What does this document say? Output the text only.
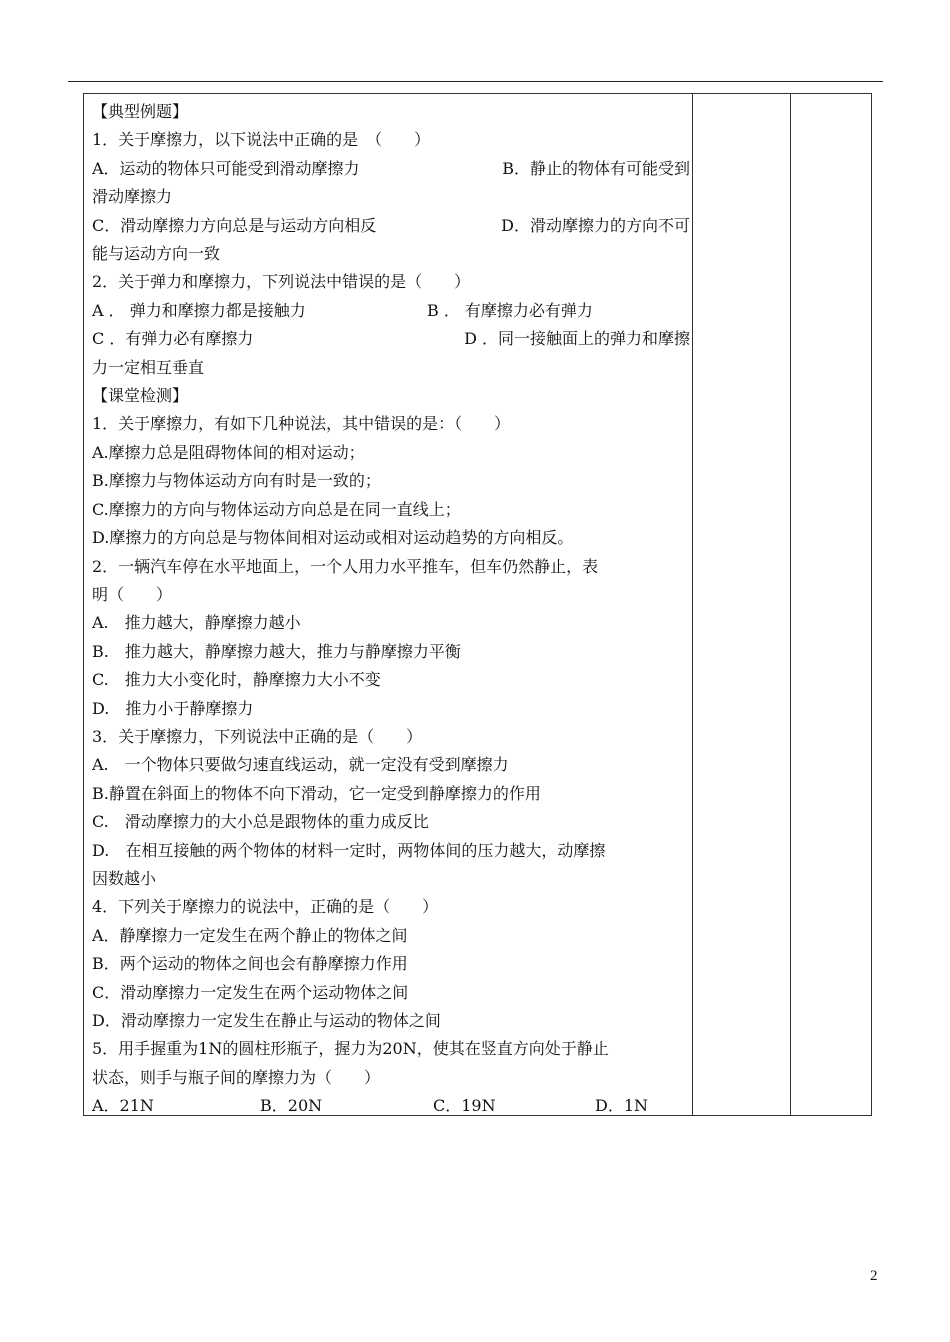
【典型例题】
1．关于摩擦力，以下说法中正确的是　（　　）
A．运动的物体只可能受到滑动摩擦力	B．静止的物体有可能受到
滑动摩擦力
C．滑动摩擦力方向总是与运动方向相反	D．滑动摩擦力的方向不可
能与运动方向一致
2．关于弹力和摩擦力，下列说法中错误的是（　　）
A ． 弹力和摩擦力都是接触力	B ． 有摩擦力必有弹力
C ．有弹力必有摩擦力	D ．同一接触面上的弹力和摩擦
力一定相互垂直
【课堂检测】
1．关于摩擦力，有如下几种说法，其中错误的是：（　　）
A.摩擦力总是阻碍物体间的相对运动；
B.摩擦力与物体运动方向有时是一致的；
C.摩擦力的方向与物体运动方向总是在同一直线上；
D.摩擦力的方向总是与物体间相对运动或相对运动趋势的方向相反。
2．一辆汽车停在水平地面上，一个人用力水平推车，但车仍然静止，表
明（　　）
A.　推力越大，静摩擦力越小
B.　推力越大，静摩擦力越大，推力与静摩擦力平衡
C.　推力大小变化时，静摩擦力大小不变
D.　推力小于静摩擦力
3．关于摩擦力，下列说法中正确的是（　　）
A.　一个物体只要做匀速直线运动，就一定没有受到摩擦力
B.静置在斜面上的物体不向下滑动，它一定受到静摩擦力的作用
C.　滑动摩擦力的大小总是跟物体的重力成反比
D.　在相互接触的两个物体的材料一定时，两物体间的压力越大，动摩擦
因数越小
4．下列关于摩擦力的说法中，正确的是（　　）
A．静摩擦力一定发生在两个静止的物体之间
B．两个运动的物体之间也会有静摩擦力作用
C．滑动摩擦力一定发生在两个运动物体之间
D．滑动摩擦力一定发生在静止与运动的物体之间
5．用手握重为1N的圆柱形瓶子，握力为20N，使其在竖直方向处于静止
状态，则手与瓶子间的摩擦力为（　　）
A．21N	B．20N	C．19N	D．1N
2
